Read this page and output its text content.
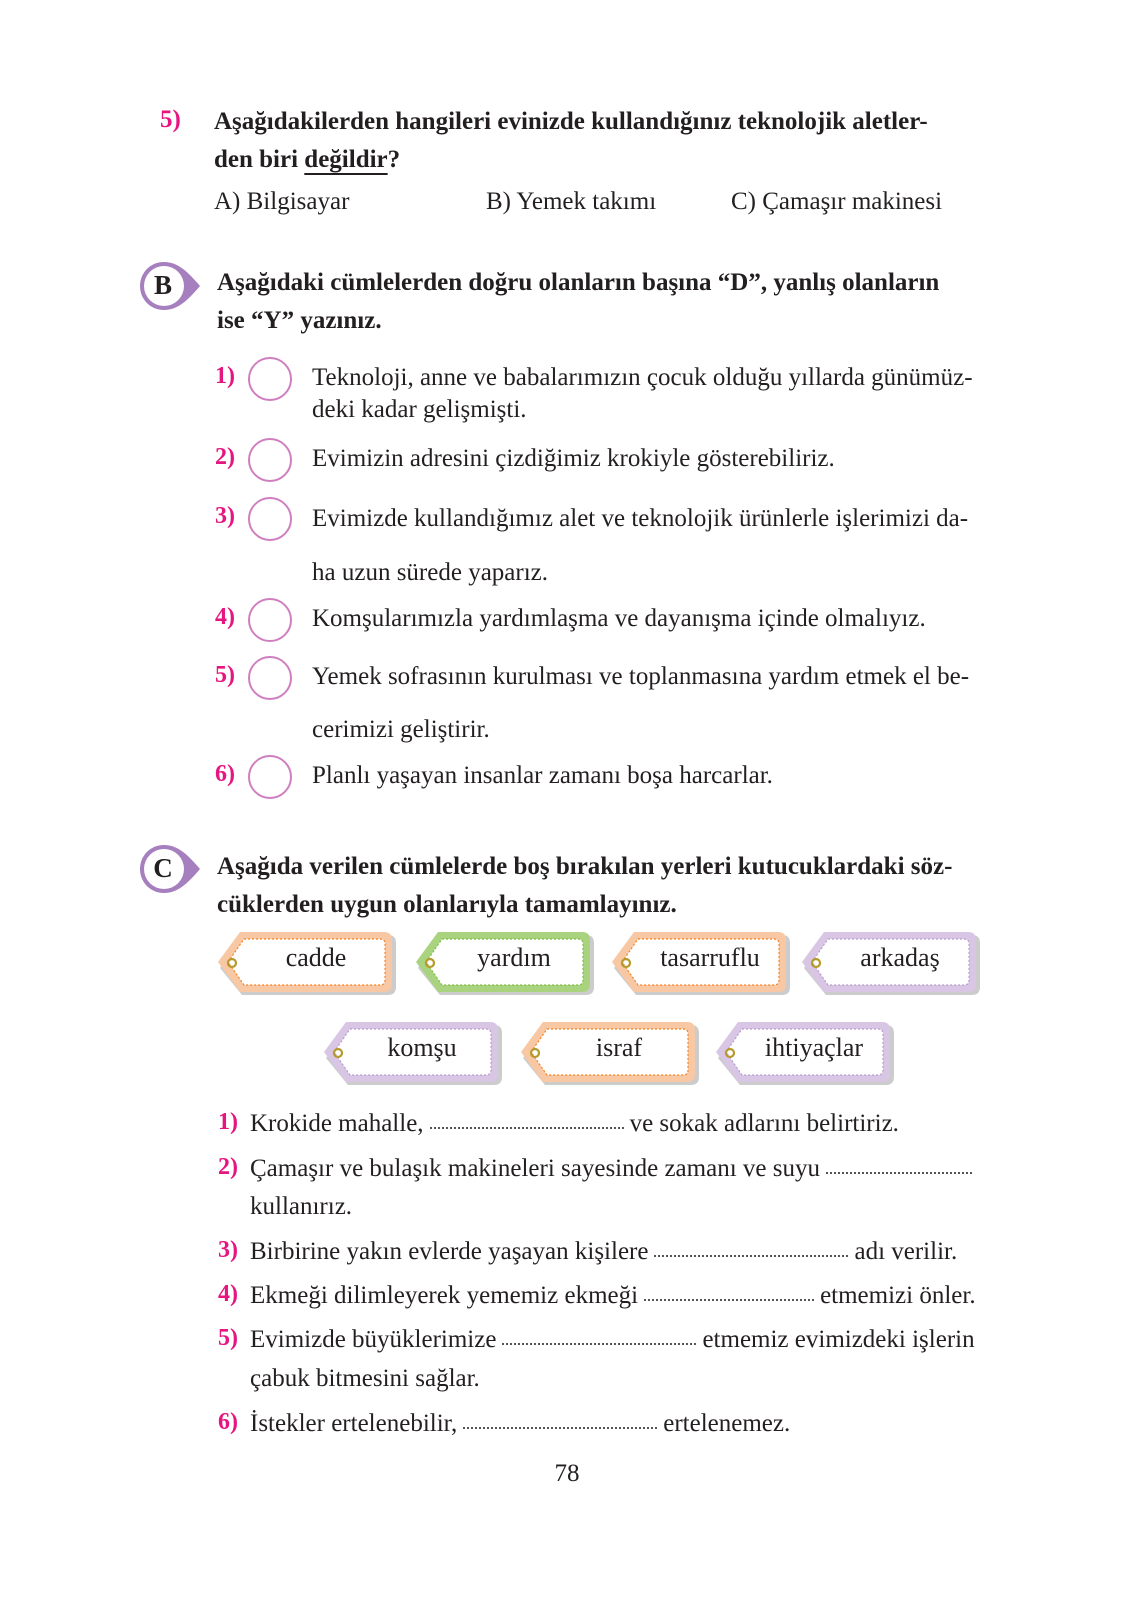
5) Aşağıdakilerden hangileri evinizde kullandığınız teknolojik aletler-
den biri değildir?
A) Bilgisayar	B) Yemek takımı	C) Çamaşır makinesi
B	Aşağıdaki cümlelerden doğru olanların başına “D”, yanlış olanların
ise “Y” yazınız.
1)	Teknoloji, anne ve babalarımızın çocuk olduğu yıllarda günümüz-
deki kadar gelişmişti.
2)	Evimizin adresini çizdiğimiz krokiyle gösterebiliriz.
3)	Evimizde kullandığımız alet ve teknolojik ürünlerle işlerimizi da-
ha uzun sürede yaparız.
4)	Komşularımızla yardımlaşma ve dayanışma içinde olmalıyız.
5)	Yemek sofrasının kurulması ve toplanmasına yardım etmek el be-
cerimizi geliştirir.
6)	Planlı yaşayan insanlar zamanı boşa harcarlar.
C	Aşağıda verilen cümlelerde boş bırakılan yerleri kutucuklardaki söz-
cüklerden uygun olanlarıyla tamamlayınız.
cadde	yardım	tasarruflu	arkadaş
komşu	israf	ihtiyaçlar
1) Krokide mahalle,	ve sokak adlarını belirtiriz.
2) Çamaşır ve bulaşık makineleri sayesinde zamanı ve suyu
kullanırız.
3) Birbirine yakın evlerde yaşayan kişilere	adı verilir.
4) Ekmeği dilimleyerek yememiz ekmeği	etmemizi önler.
5) Evimizde büyüklerimize	etmemiz evimizdeki işlerin
çabuk bitmesini sağlar.
6) İstekler ertelenebilir,	ertelenemez.
78
